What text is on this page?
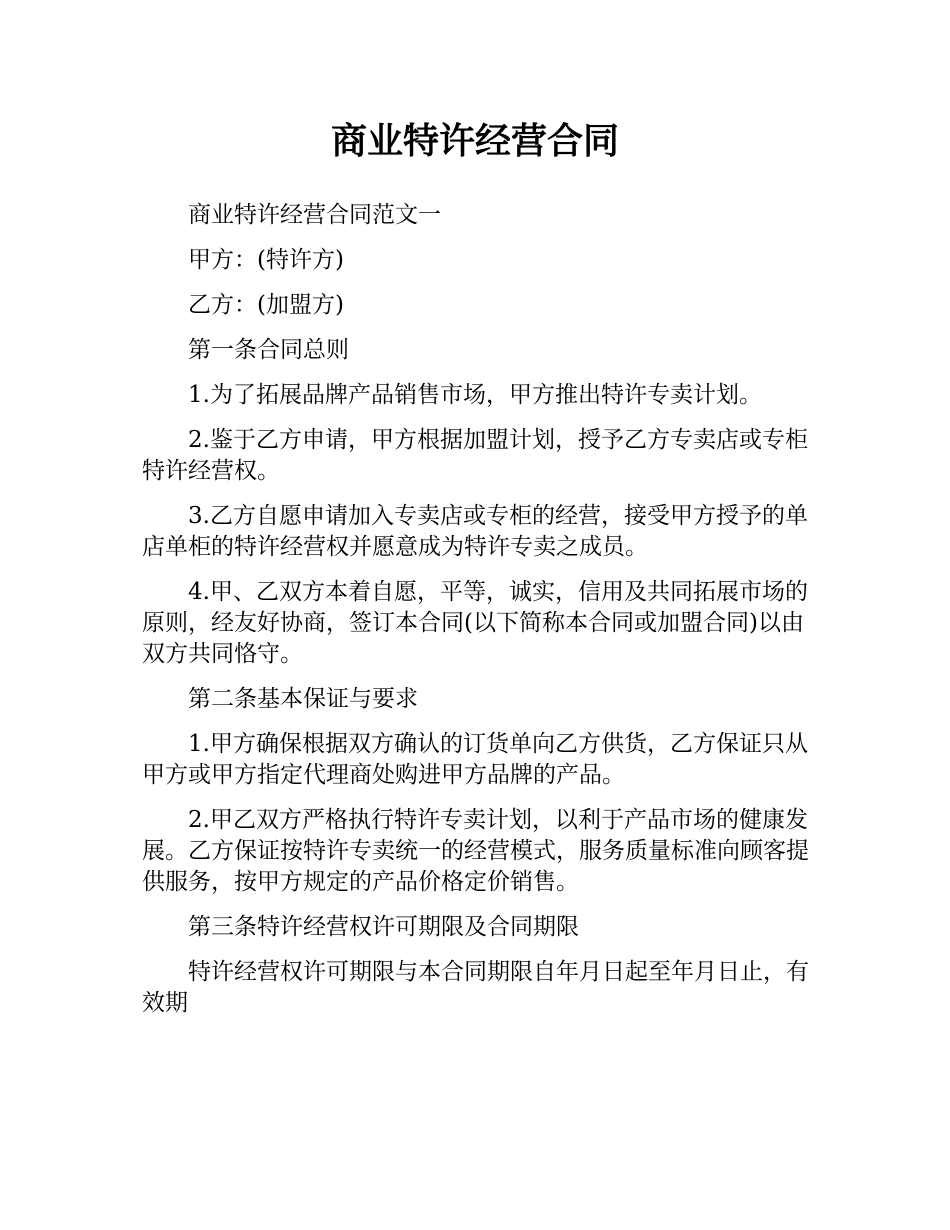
商业特许经营合同

商业特许经营合同范文一

甲方：(特许方)

乙方：(加盟方)

第一条合同总则

1.为了拓展品牌产品销售市场，甲方推出特许专卖计划。

2.鉴于乙方申请，甲方根据加盟计划，授予乙方专卖店或专柜特许经营权。

3.乙方自愿申请加入专卖店或专柜的经营，接受甲方授予的单店单柜的特许经营权并愿意成为特许专卖之成员。

4.甲、乙双方本着自愿，平等，诚实，信用及共同拓展市场的原则，经友好协商，签订本合同(以下简称本合同或加盟合同)以由双方共同恪守。

第二条基本保证与要求

1.甲方确保根据双方确认的订货单向乙方供货，乙方保证只从甲方或甲方指定代理商处购进甲方品牌的产品。

2.甲乙双方严格执行特许专卖计划，以利于产品市场的健康发展。乙方保证按特许专卖统一的经营模式，服务质量标准向顾客提供服务，按甲方规定的产品价格定价销售。

第三条特许经营权许可期限及合同期限

特许经营权许可期限与本合同期限自年月日起至年月日止，有效期
